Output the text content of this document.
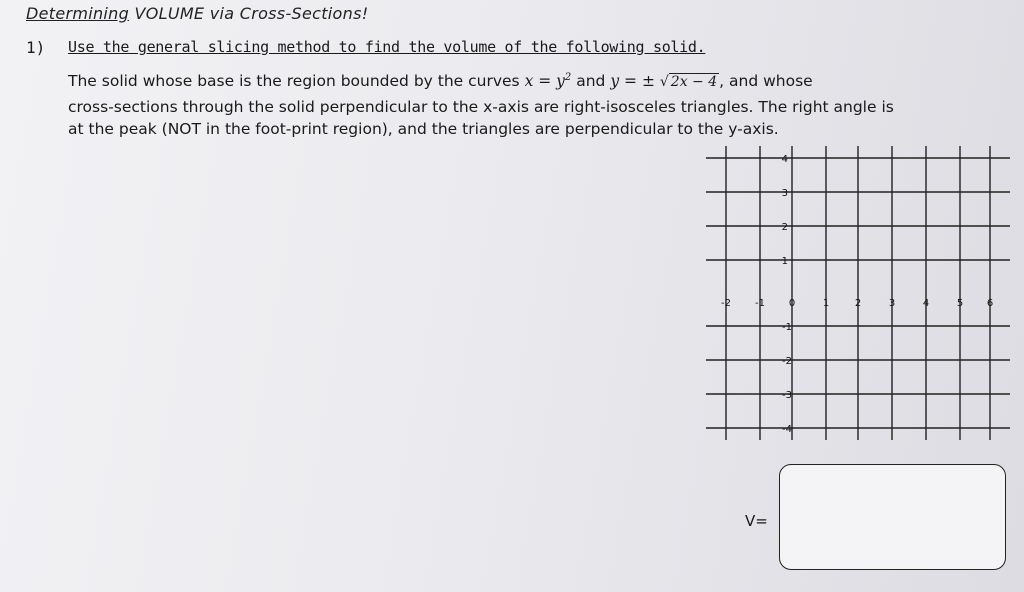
Determining VOLUME via Cross-Sections!
1) Use the general slicing method to find the volume of the following solid.
The solid whose base is the region bounded by the curves $x = y^2$ and y = ± √ 2x − 4 , and whose
cross-sections through the solid perpendicular to the x-axis are right-isosceles triangles. The right angle is
at the peak (NOT in the foot-print region), and the triangles are perpendicular to the y-axis.
-2 -1 0	1	2	3	4	5 6
4
3
2
1
-1
-2
-3
-4
V=
